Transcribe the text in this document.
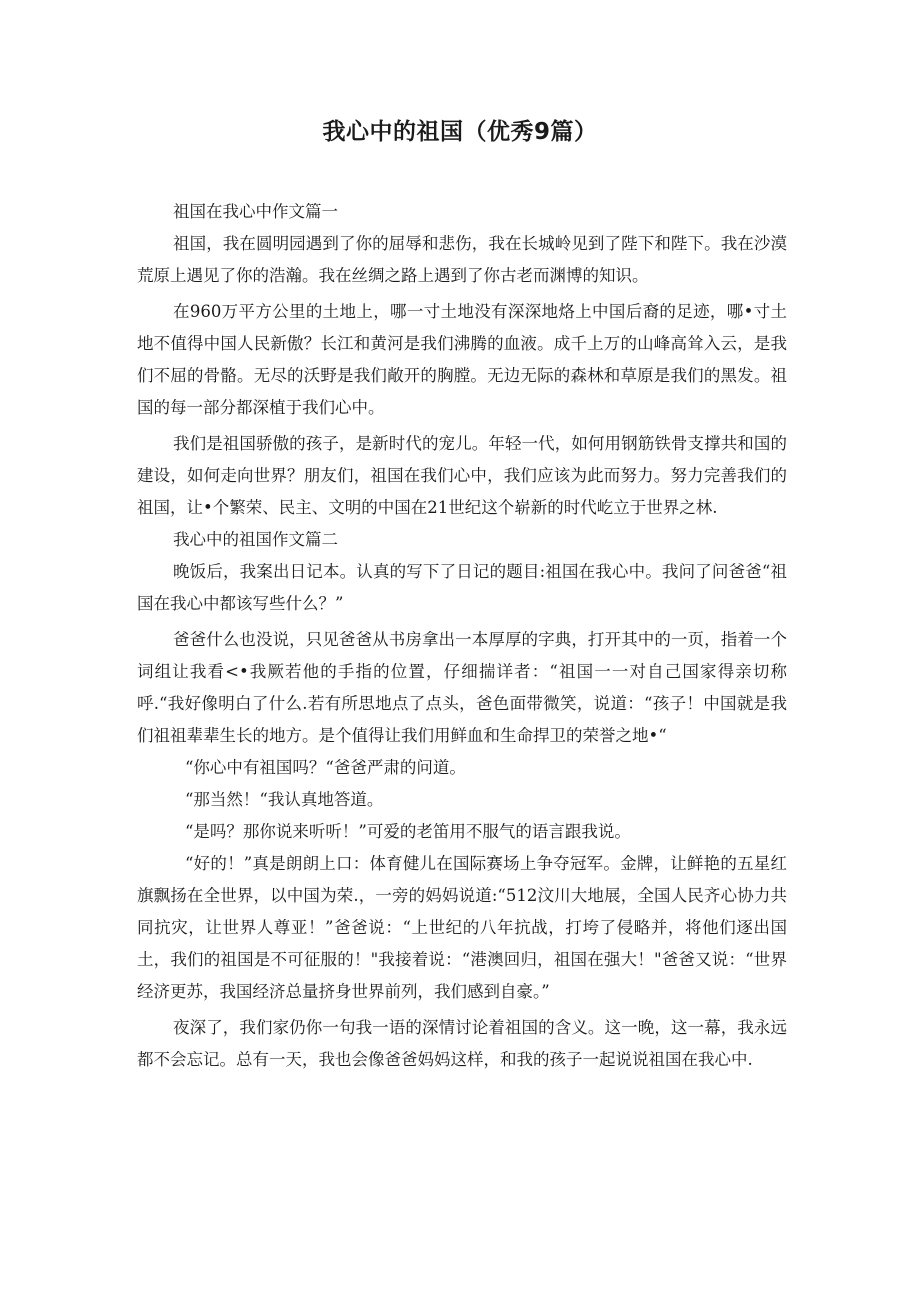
我心中的祖国（优秀9篇）

祖国在我心中作文篇一

祖国，我在圆明园遇到了你的屈辱和悲伤，我在长城岭见到了陛下和陛下。我在沙漠荒原上遇见了你的浩瀚。我在丝绸之路上遇到了你古老而渊博的知识。

在960万平方公里的土地上，哪一寸土地没有深深地烙上中国后裔的足迹，哪•寸土地不值得中国人民新傲？长江和黄河是我们沸腾的血液。成千上万的山峰高耸入云，是我们不屈的骨骼。无尽的沃野是我们敞开的胸膛。无边无际的森林和草原是我们的黑发。祖国的每一部分都深植于我们心中。

我们是祖国骄傲的孩子，是新时代的宠儿。年轻一代，如何用钢筋铁骨支撑共和国的建设，如何走向世界？朋友们，祖国在我们心中，我们应该为此而努力。努力完善我们的祖国，让•个繁荣、民主、文明的中国在21世纪这个崭新的时代屹立于世界之林.

我心中的祖国作文篇二

晚饭后，我案出日记本。认真的写下了日记的题目:祖国在我心中。我问了问爸爸“祖国在我心中都该写些什么？”

爸爸什么也没说，只见爸爸从书房拿出一本厚厚的字典，打开其中的一页，指着一个词组让我看<•我厥若他的手指的位置，仔细揣详者：“祖国一一对自己国家得亲切称呼.“我好像明白了什么.若有所思地点了点头，爸色面带微笑，说道：“孩子！中国就是我们祖祖辈辈生长的地方。是个值得让我们用鲜血和生命捍卫的荣誉之地•“

“你心中有祖国吗？“爸爸严肃的问道。

“那当然！“我认真地答道。

“是吗？那你说来听听！”可爱的老笛用不服气的语言跟我说。

“好的！”真是朗朗上口：体育健儿在国际赛场上争夺冠军。金牌，让鲜艳的五星红旗飘扬在全世界，以中国为荣.，一旁的妈妈说道:“512汶川大地展，全国人民齐心协力共同抗灾，让世界人尊亚！”爸爸说：“上世纪的八年抗战，打垮了侵略并，将他们逐出国土，我们的祖国是不可征服的！"我接着说：“港澳回归，祖国在强大！"爸爸又说：“世界经济更苏，我国经济总量挤身世界前列，我们感到自豪。”

夜深了，我们家仍你一句我一语的深情讨论着祖国的含义。这一晚，这一幕，我永远都不会忘记。总有一天，我也会像爸爸妈妈这样，和我的孩子一起说说祖国在我心中.
